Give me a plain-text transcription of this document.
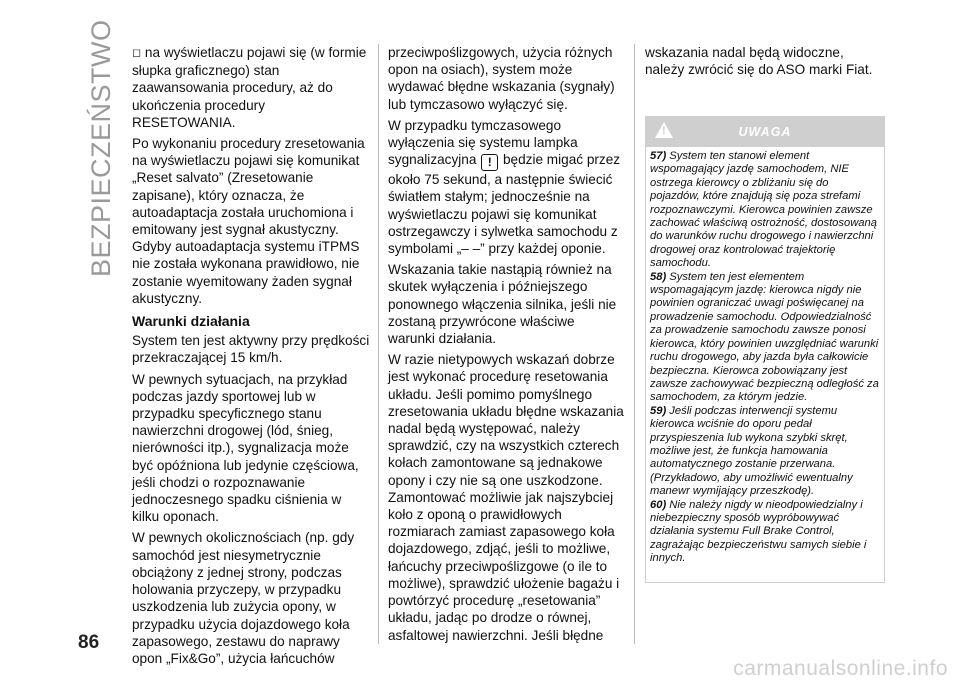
BEZPIECZEŃSTWO
86

◻ na wyświetlaczu pojawi się (w formie słupka graficznego) stan zaawansowania procedury, aż do ukończenia procedury RESETOWANIA.

Po wykonaniu procedury zresetowania na wyświetlaczu pojawi się komunikat „Reset salvato” (Zresetowanie zapisane), który oznacza, że autoadaptacja została uruchomiona i emitowany jest sygnał akustyczny. Gdyby autoadaptacja systemu iTPMS nie została wykonana prawidłowo, nie zostanie wyemitowany żaden sygnał akustyczny.

Warunki działania

System ten jest aktywny przy prędkości przekraczającej 15 km/h.

W pewnych sytuacjach, na przykład podczas jazdy sportowej lub w przypadku specyficznego stanu nawierzchni drogowej (lód, śnieg, nierówności itp.), sygnalizacja może być opóźniona lub jedynie częściowa, jeśli chodzi o rozpoznawanie jednoczesnego spadku ciśnienia w kilku oponach.

W pewnych okolicznościach (np. gdy samochód jest niesymetrycznie obciążony z jednej strony, podczas holowania przyczepy, w przypadku uszkodzenia lub zużycia opony, w przypadku użycia dojazdowego koła zapasowego, zestawu do naprawy opon „Fix&Go”, użycia łańcuchów

przeciwpoślizgowych, użycia różnych opon na osiach), system może wydawać błędne wskazania (sygnały) lub tymczasowo wyłączyć się.

W przypadku tymczasowego wyłączenia się systemu lampka sygnalizacyjna ! będzie migać przez około 75 sekund, a następnie świecić światłem stałym; jednocześnie na wyświetlaczu pojawi się komunikat ostrzegawczy i sylwetka samochodu z symbolami „– –” przy każdej oponie.

Wskazania takie nastąpią również na skutek wyłączenia i późniejszego ponownego włączenia silnika, jeśli nie zostaną przywrócone właściwe warunki działania.

W razie nietypowych wskazań dobrze jest wykonać procedurę resetowania układu. Jeśli pomimo pomyślnego zresetowania układu błędne wskazania nadal będą występować, należy sprawdzić, czy na wszystkich czterech kołach zamontowane są jednakowe opony i czy nie są one uszkodzone. Zamontować możliwie jak najszybciej koło z oponą o prawidłowych rozmiarach zamiast zapasowego koła dojazdowego, zdjąć, jeśli to możliwe, łańcuchy przeciwpoślizgowe (o ile to możliwe), sprawdzić ułożenie bagażu i powtórzyć procedurę „resetowania” układu, jadąc po drodze o równej, asfaltowej nawierzchni. Jeśli błędne

wskazania nadal będą widoczne, należy zwrócić się do ASO marki Fiat.

!
UWAGA

57) System ten stanowi element wspomagający jazdę samochodem, NIE ostrzega kierowcy o zbliżaniu się do pojazdów, które znajdują się poza strefami rozpoznawczymi. Kierowca powinien zawsze zachować właściwą ostrożność, dostosowaną do warunków ruchu drogowego i nawierzchni drogowej oraz kontrolować trajektorię samochodu.

58) System ten jest elementem wspomagającym jazdę: kierowca nigdy nie powinien ograniczać uwagi poświęcanej na prowadzenie samochodu. Odpowiedzialność za prowadzenie samochodu zawsze ponosi kierowca, który powinien uwzględniać warunki ruchu drogowego, aby jazda była całkowicie bezpieczna. Kierowca zobowiązany jest zawsze zachowywać bezpieczną odległość za samochodem, za którym jedzie.

59) Jeśli podczas interwencji systemu kierowca wciśnie do oporu pedał przyspieszenia lub wykona szybki skręt, możliwe jest, że funkcja hamowania automatycznego zostanie przerwana. (Przykładowo, aby umożliwić ewentualny manewr wymijający przeszkodę).

60) Nie należy nigdy w nieodpowiedzialny i niebezpieczny sposób wypróbowywać działania systemu Full Brake Control, zagrażając bezpieczeństwu samych siebie i innych.

carmanualsonline.info
